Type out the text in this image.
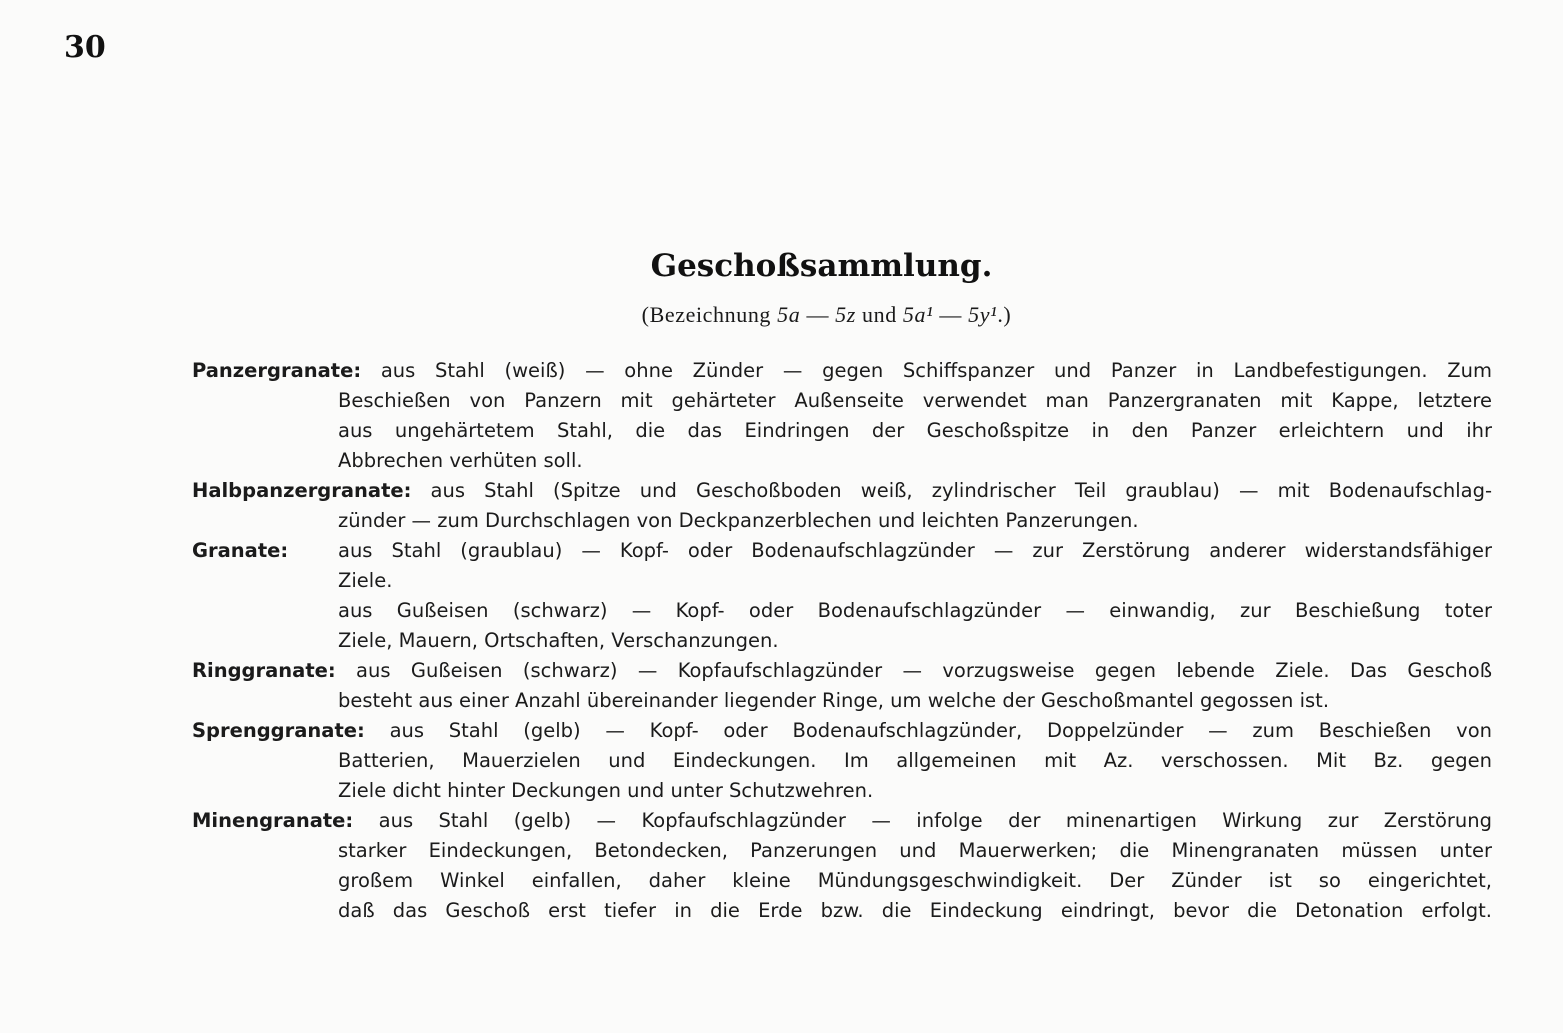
30
Geschoßsammlung.
(Bezeichnung 5a — 5z und 5a¹ — 5y¹.)
Panzergranate: aus Stahl (weiß) — ohne Zünder — gegen Schiffspanzer und Panzer in Landbefestigungen. Zum
Beschießen von Panzern mit gehärteter Außenseite verwendet man Panzergranaten mit Kappe, letztere
aus ungehärtetem Stahl, die das Eindringen der Geschoßspitze in den Panzer erleichtern und ihr
Abbrechen verhüten soll.
Halbpanzergranate: aus Stahl (Spitze und Geschoßboden weiß, zylindrischer Teil graublau) — mit Bodenaufschlag-
zünder — zum Durchschlagen von Deckpanzerblechen und leichten Panzerungen.
Granate:	aus Stahl (graublau) — Kopf- oder Bodenaufschlagzünder — zur Zerstörung anderer widerstandsfähiger
Ziele.
aus Gußeisen (schwarz) — Kopf- oder Bodenaufschlagzünder — einwandig, zur Beschießung toter
Ziele, Mauern, Ortschaften, Verschanzungen.
Ringgranate: aus Gußeisen (schwarz) — Kopfaufschlagzünder — vorzugsweise gegen lebende Ziele. Das Geschoß
besteht aus einer Anzahl übereinander liegender Ringe, um welche der Geschoßmantel gegossen ist.
Sprenggranate: aus Stahl (gelb) — Kopf- oder Bodenaufschlagzünder, Doppelzünder — zum Beschießen von
Batterien, Mauerzielen und Eindeckungen. Im allgemeinen mit Az. verschossen. Mit Bz. gegen
Ziele dicht hinter Deckungen und unter Schutzwehren.
Minengranate: aus Stahl (gelb) — Kopfaufschlagzünder — infolge der minenartigen Wirkung zur Zerstörung
starker Eindeckungen, Betondecken, Panzerungen und Mauerwerken; die Minengranaten müssen unter
großem Winkel einfallen, daher kleine Mündungsgeschwindigkeit. Der Zünder ist so eingerichtet,
daß das Geschoß erst tiefer in die Erde bzw. die Eindeckung eindringt, bevor die Detonation erfolgt.
